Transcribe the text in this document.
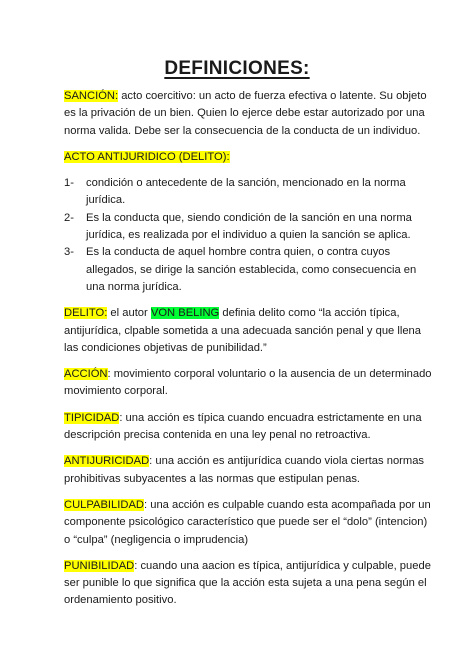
DEFINICIONES:

SANCIÓN: acto coercitivo: un acto de fuerza efectiva o latente. Su objeto es la privación de un bien. Quien lo ejerce debe estar autorizado por una norma valida. Debe ser la consecuencia de la conducta de un individuo.

ACTO ANTIJURIDICO (DELITO):

1- condición o antecedente de la sanción, mencionado en la norma jurídica.
2- Es la conducta que, siendo condición de la sanción en una norma jurídica, es realizada por el individuo a quien la sanción se aplica.
3- Es la conducta de aquel hombre contra quien, o contra cuyos allegados, se dirige la sanción establecida, como consecuencia en una norma jurídica.

DELITO: el autor VON BELING definia delito como “la acción típica, antijurídica, clpable sometida a una adecuada sanción penal y que llena las condiciones objetivas de punibilidad.”

ACCIÓN: movimiento corporal voluntario o la ausencia de un determinado movimiento corporal.

TIPICIDAD: una acción es típica cuando encuadra estrictamente en una descripción precisa contenida en una ley penal no retroactiva.

ANTIJURICIDAD: una acción es antijurídica cuando viola ciertas normas prohibitivas subyacentes a las normas que estipulan penas.

CULPABILIDAD: una acción es culpable cuando esta acompañada por un componente psicológico característico que puede ser el “dolo” (intencion) o “culpa” (negligencia o imprudencia)

PUNIBILIDAD: cuando una aacion es típica, antijurídica y culpable, puede ser punible lo que significa que la acción esta sujeta a una pena según el ordenamiento positivo.
